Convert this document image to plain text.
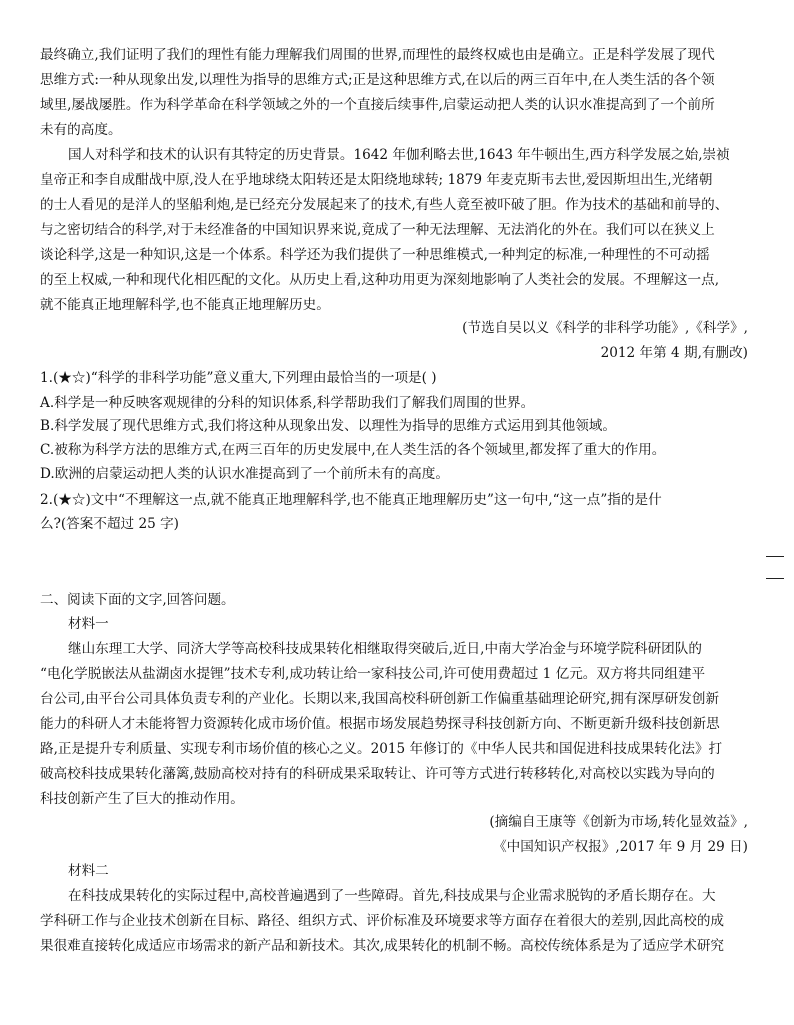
最终确立,我们证明了我们的理性有能力理解我们周围的世界,而理性的最终权威也由是确立。正是科学发展了现代
思维方式:一种从现象出发,以理性为指导的思维方式;正是这种思维方式,在以后的两三百年中,在人类生活的各个领
域里,屡战屡胜。作为科学革命在科学领域之外的一个直接后续事件,启蒙运动把人类的认识水准提高到了一个前所
未有的高度。
国人对科学和技术的认识有其特定的历史背景。1642 年伽利略去世,1643 年牛顿出生,西方科学发展之始,崇祯
皇帝正和李自成酣战中原,没人在乎地球绕太阳转还是太阳绕地球转; 1879 年麦克斯韦去世,爱因斯坦出生,光绪朝
的士人看见的是洋人的坚船利炮,是已经充分发展起来了的技术,有些人竟至被吓破了胆。作为技术的基础和前导的、
与之密切结合的科学,对于未经准备的中国知识界来说,竟成了一种无法理解、无法消化的外在。我们可以在狭义上
谈论科学,这是一种知识,这是一个体系。科学还为我们提供了一种思维模式,一种判定的标准,一种理性的不可动摇
的至上权威,一种和现代化相匹配的文化。从历史上看,这种功用更为深刻地影响了人类社会的发展。不理解这一点,
就不能真正地理解科学,也不能真正地理解历史。
(节选自吴以义《科学的非科学功能》,《科学》,
2012 年第 4 期,有删改)
1.(★☆)“科学的非科学功能”意义重大,下列理由最恰当的一项是( )
A.科学是一种反映客观规律的分科的知识体系,科学帮助我们了解我们周围的世界。
B.科学发展了现代思维方式,我们将这种从现象出发、以理性为指导的思维方式运用到其他领域。
C.被称为科学方法的思维方式,在两三百年的历史发展中,在人类生活的各个领域里,都发挥了重大的作用。
D.欧洲的启蒙运动把人类的认识水准提高到了一个前所未有的高度。
2.(★☆)文中“不理解这一点,就不能真正地理解科学,也不能真正地理解历史”这一句中,“这一点”指的是什
么?(答案不超过 25 字)
二、阅读下面的文字,回答问题。
材料一
继山东理工大学、同济大学等高校科技成果转化相继取得突破后,近日,中南大学冶金与环境学院科研团队的
“电化学脱嵌法从盐湖卤水提锂”技术专利,成功转让给一家科技公司,许可使用费超过 1 亿元。双方将共同组建平
台公司,由平台公司具体负责专利的产业化。长期以来,我国高校科研创新工作偏重基础理论研究,拥有深厚研发创新
能力的科研人才未能将智力资源转化成市场价值。根据市场发展趋势探寻科技创新方向、不断更新升级科技创新思
路,正是提升专利质量、实现专利市场价值的核心之义。2015 年修订的《中华人民共和国促进科技成果转化法》打
破高校科技成果转化藩篱,鼓励高校对持有的科研成果采取转让、许可等方式进行转移转化,对高校以实践为导向的
科技创新产生了巨大的推动作用。
(摘编自王康等《创新为市场,转化显效益》,
《中国知识产权报》,2017 年 9 月 29 日)
材料二
在科技成果转化的实际过程中,高校普遍遇到了一些障碍。首先,科技成果与企业需求脱钩的矛盾长期存在。大
学科研工作与企业技术创新在目标、路径、组织方式、评价标准及环境要求等方面存在着很大的差别,因此高校的成
果很难直接转化成适应市场需求的新产品和新技术。其次,成果转化的机制不畅。高校传统体系是为了适应学术研究
